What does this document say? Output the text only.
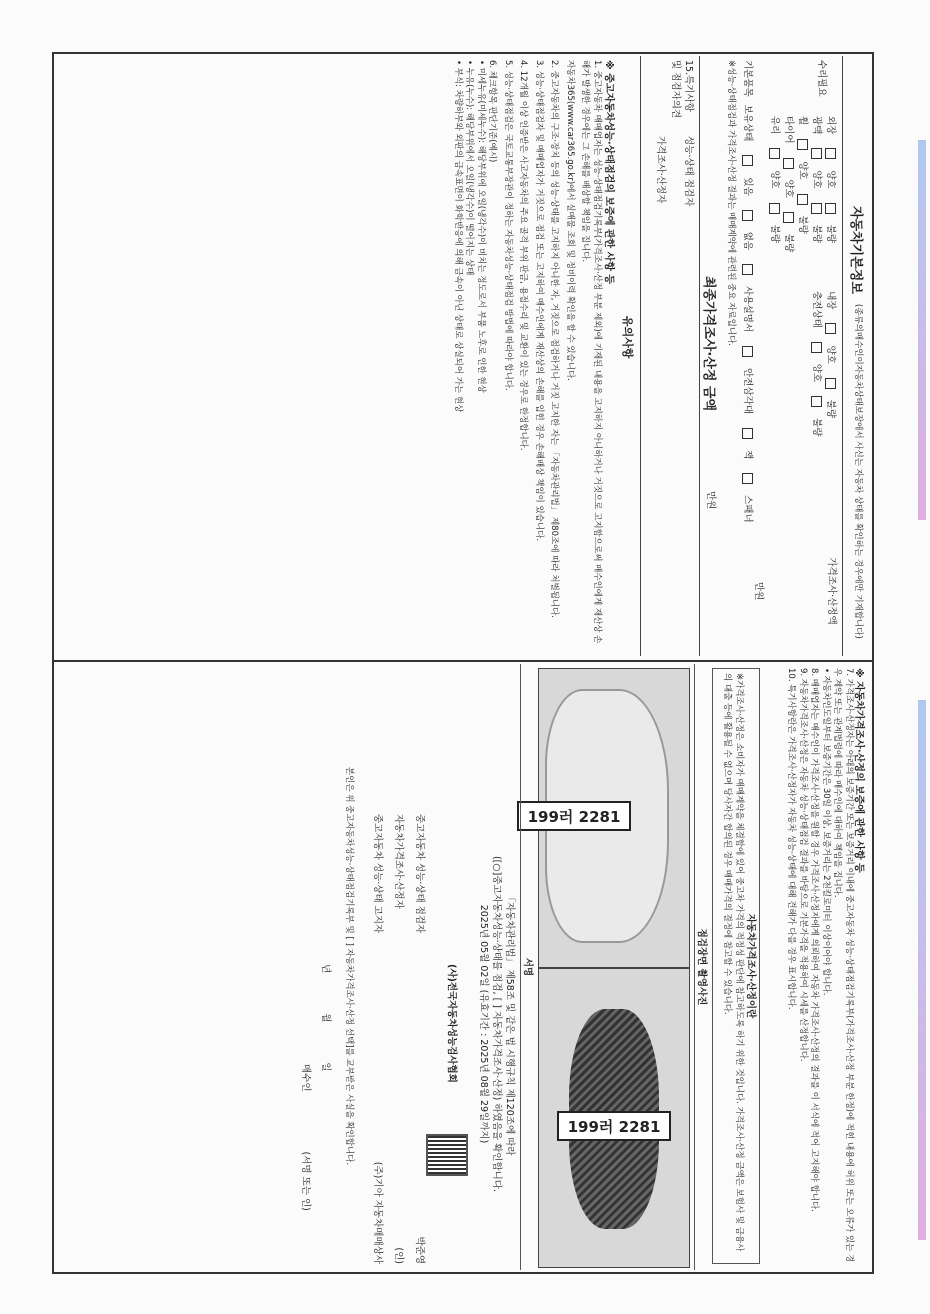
자동차기본정보
(종류의매수인이자동차상태보장에서 사신는 자동차 상태를 확인하는 경우에만 기재합니다)
가격조사·산정액
만원
수리필요
외장
양호
불량
내장
양호
불량
광택
양호
불량
충전상태
양호
불량
휠
양호
불량
타이어
양호
불량
유리
양호
불량
기본품목
보유상태
있음
없음
사용설명서
안전삼각대
잭
스패너
※성능·상태점검과 가격조사·산정 결과는 매매계약에 관련된 중요 자료입니다.
최종가격조사·산정 금액
만원
15.특기사항및 점검자의견
성능·상태 점검자
가격조사·산정자
유의사항
※ 중고자동차성능·상태점검의 보증에 관한 사항 등
1. 중고자동차 매매업자는 성능·상태점검기록부(가격조사·산정 부분 제외)에 기재된 내용을 고지하지 아니하거나 거짓으로 고지함으로써 매수인에게 재산상 손해가 발생한 경우에는 그 손해를 배상할 책임을 집니다.
자동차365(www.car365.go.kr)에서 실매물 조회 및 정비이력 확인을 할 수 있습니다.
2. 중고자동차의 구조·장치 등의 성능·상태를 고지하지 아니한 자, 거짓으로 점검하거나 거짓 고지한 자는 「자동차관리법」 제80조에 따라 처벌됩니다.
3. 성능·상태점검자 및 매매업자가 거짓으로 점검 또는 고지하여 매수인에게 재산상의 손해를 입힌 경우 손해배상 책임이 있습니다.
4. 12개월 이상 인증받은 사고자동차의 주요 골격 부위 판금, 용접수리 및 교환이 있는 경우로 한정합니다.
5. 성능·상태점검은 국토교통부장관이 정하는 자동차성능·상태점검 방법에 따라야 합니다.
6. 체크항목 판단기준(예시)
• 미세누유(미세누수): 해당부위에 오일(냉각수)이 비치는 정도로서 부품 노후로 인한 현상
• 누유(누수): 해당부위에서 오일(냉각수)이 떨어지는 상태
• 부식: 차량하부와 외판의 금속표면이 화학반응에 의해 금속이 아닌 상태로 상실되어 가는 현상
※ 자동차가격조사·산정의 보증에 관한 사항 등
7. 가격조사·산정자는 아래의 보증기간 또는 보증거리 이내에 중고자동차 성능·상태점검기록부(가격조사·산정 부분 한정)에 적힌 내용에 허위 또는 오류가 있는 경우 계약 또는 관계법령에 따라 매수인에 대하여 책임을 집니다.
• 자동차인도일부터 보증기간은 30일 이상, 보증거리는 2천킬로미터 이상이어야 합니다.
8. 매매업자는 매수인이 가격조사·산정을 원할 경우 가격조사·산정자에게 의뢰하여 자동차 가격조사·산정의 결과를 이 서식에 적어 고지해야 합니다.
9. 자동차가격조사·산정은 자동차 성능·상태점검 결과를 바탕으로 기본가격을 적용하여 시세를 산정합니다.
10. 특기사항란은 가격조사·산정자가 자동차 성능·상태에 대해 견해가 다를 경우 표시합니다.
자동차가격조사·산정이란
※가격조사·산정은 소비자가 매매계약을 체결함에 있어 중고차 가격의 적정성 판단에 참고하도록 하기 위한 것입니다. 가격조사·산정 금액은 보험사 및 금융사의 대출 등에 활용될 수 없으며 당사자간 합의된 경우 매매가격의 결정에 참고할 수 있습니다.
점검장면 촬영사진
199러 2281
199러 2281
서명
「자동차관리법」 제58조 및 같은 법 시행규칙 제120조에 따라
([○]중고자동차성능·상태를 점검, [ ] 자동차가격조사·산정) 하였음을 확인합니다.
2025년 05월 02일 (유효기간 : 2025년 08월 29일까지)
(사)전국자동차성능검사협회
중고자동차 성능·상태 점검자
박준영
자동차가격조사·산정자
(인)
중고자동차 성능·상태 고지자
(주)기아 자동차매매상사
본인은 위 중고자동차성능·상태점검기록부 및 [ ] 자동차가격조사·산정 선택]를 교부받은 사실을 확인합니다.
년
월
일
매수인
(서명 또는 인)
